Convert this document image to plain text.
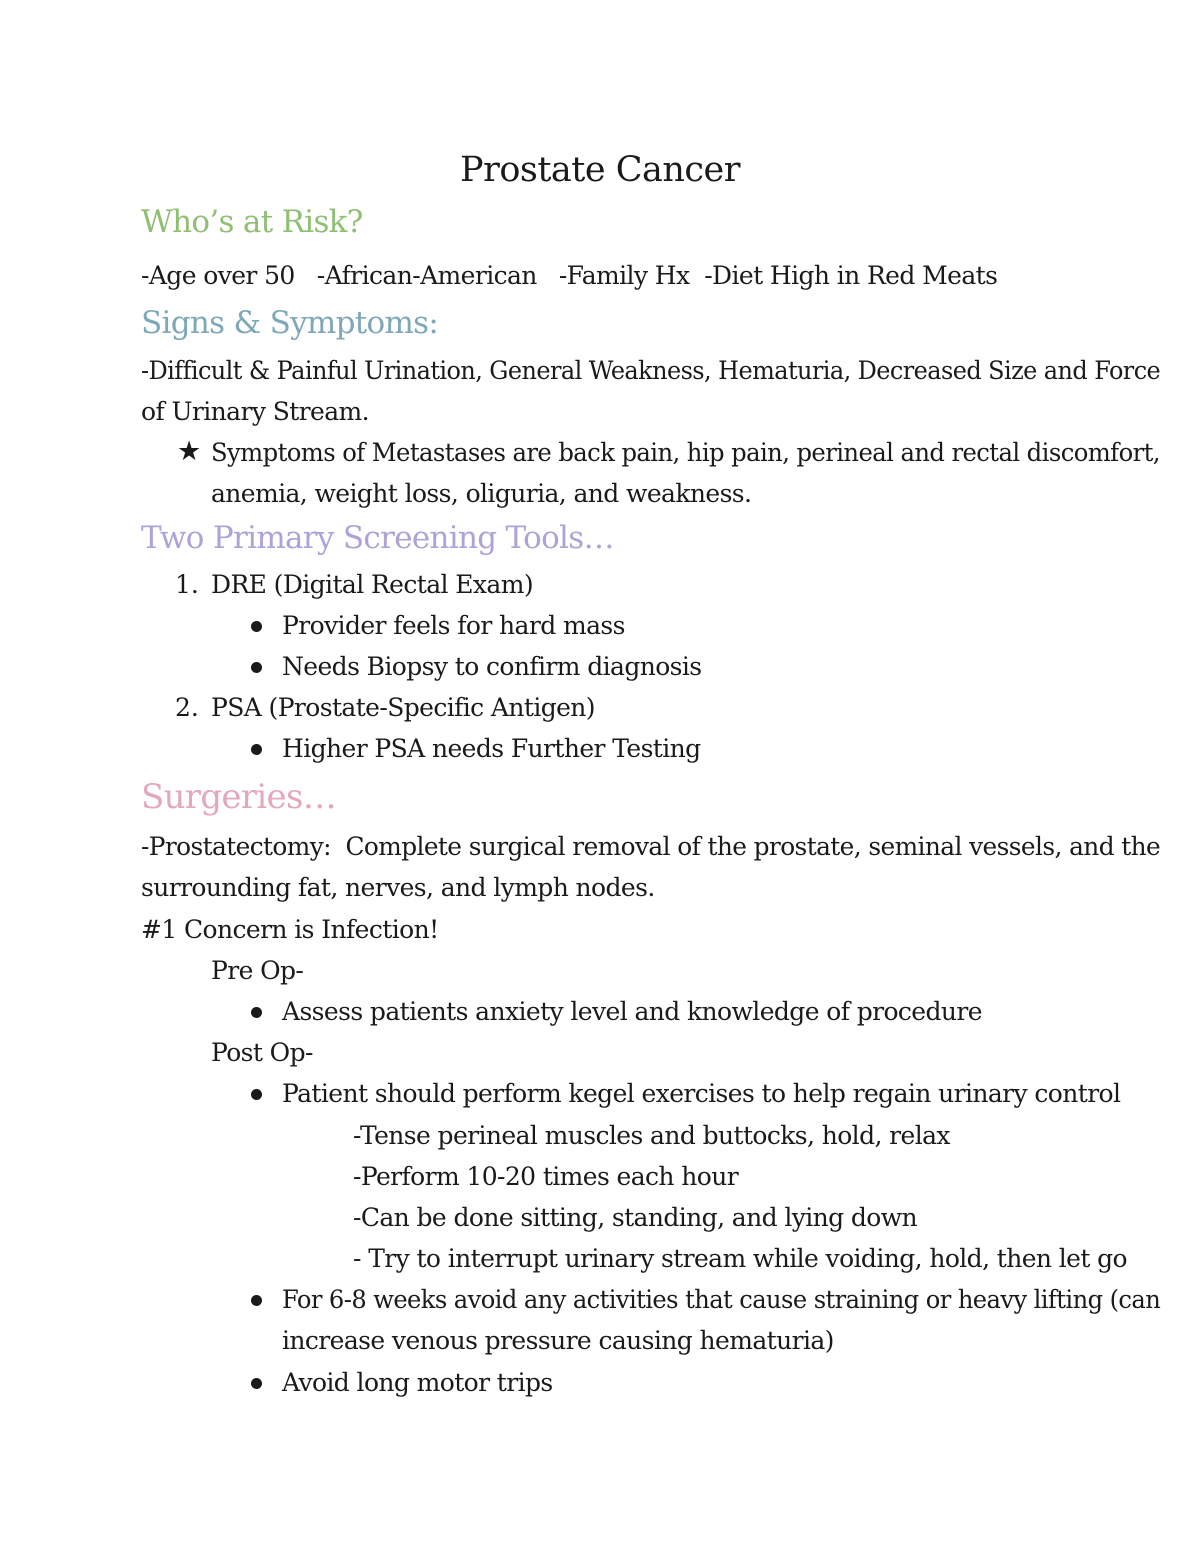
Prostate Cancer
Who’s at Risk?
-Age over 50   -African-American   -Family Hx  -Diet High in Red Meats
Signs & Symptoms:
-Difficult & Painful Urination, General Weakness, Hematuria, Decreased Size and Force
of Urinary Stream.
★ Symptoms of Metastases are back pain, hip pain, perineal and rectal discomfort,
anemia, weight loss, oliguria, and weakness.
Two Primary Screening Tools…
1. DRE (Digital Rectal Exam)
Provider feels for hard mass
Needs Biopsy to confirm diagnosis
2. PSA (Prostate-Specific Antigen)
Higher PSA needs Further Testing
Surgeries…
-Prostatectomy:  Complete surgical removal of the prostate, seminal vessels, and the
surrounding fat, nerves, and lymph nodes.
#1 Concern is Infection!
Pre Op-
Assess patients anxiety level and knowledge of procedure
Post Op-
Patient should perform kegel exercises to help regain urinary control
-Tense perineal muscles and buttocks, hold, relax
-Perform 10-20 times each hour
-Can be done sitting, standing, and lying down
- Try to interrupt urinary stream while voiding, hold, then let go
For 6-8 weeks avoid any activities that cause straining or heavy lifting (can
increase venous pressure causing hematuria)
Avoid long motor trips
